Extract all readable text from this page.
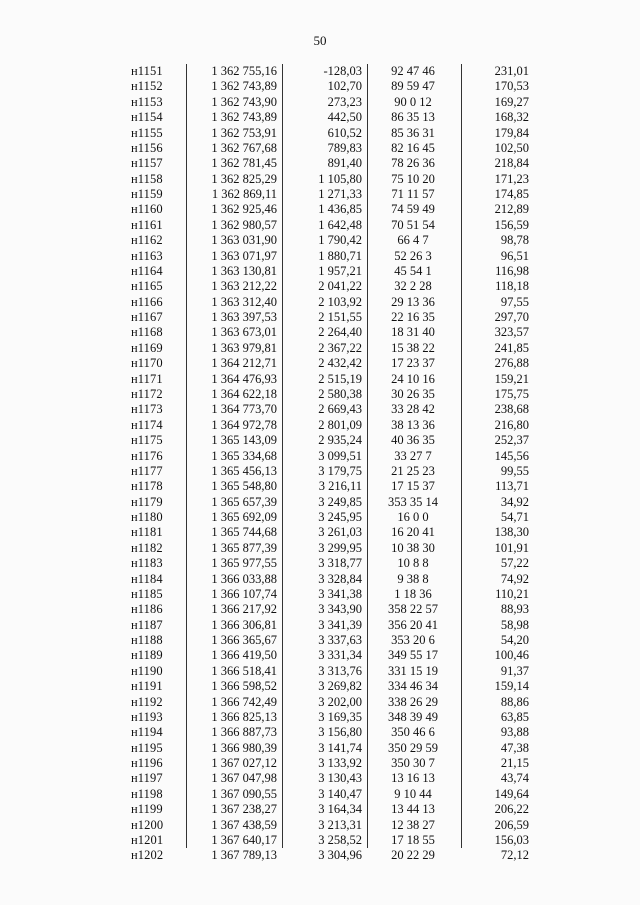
50
н1151	1 362 755,16	-128,03	92 47 46	231,01
н1152	1 362 743,89	102,70	89 59 47	170,53
н1153	1 362 743,90	273,23	90 0 12	169,27
н1154	1 362 743,89	442,50	86 35 13	168,32
н1155	1 362 753,91	610,52	85 36 31	179,84
н1156	1 362 767,68	789,83	82 16 45	102,50
н1157	1 362 781,45	891,40	78 26 36	218,84
н1158	1 362 825,29	1 105,80	75 10 20	171,23
н1159	1 362 869,11	1 271,33	71 11 57	174,85
н1160	1 362 925,46	1 436,85	74 59 49	212,89
н1161	1 362 980,57	1 642,48	70 51 54	156,59
н1162	1 363 031,90	1 790,42	66 4 7	98,78
н1163	1 363 071,97	1 880,71	52 26 3	96,51
н1164	1 363 130,81	1 957,21	45 54 1	116,98
н1165	1 363 212,22	2 041,22	32 2 28	118,18
н1166	1 363 312,40	2 103,92	29 13 36	97,55
н1167	1 363 397,53	2 151,55	22 16 35	297,70
н1168	1 363 673,01	2 264,40	18 31 40	323,57
н1169	1 363 979,81	2 367,22	15 38 22	241,85
н1170	1 364 212,71	2 432,42	17 23 37	276,88
н1171	1 364 476,93	2 515,19	24 10 16	159,21
н1172	1 364 622,18	2 580,38	30 26 35	175,75
н1173	1 364 773,70	2 669,43	33 28 42	238,68
н1174	1 364 972,78	2 801,09	38 13 36	216,80
н1175	1 365 143,09	2 935,24	40 36 35	252,37
н1176	1 365 334,68	3 099,51	33 27 7	145,56
н1177	1 365 456,13	3 179,75	21 25 23	99,55
н1178	1 365 548,80	3 216,11	17 15 37	113,71
н1179	1 365 657,39	3 249,85	353 35 14	34,92
н1180	1 365 692,09	3 245,95	16 0 0	54,71
н1181	1 365 744,68	3 261,03	16 20 41	138,30
н1182	1 365 877,39	3 299,95	10 38 30	101,91
н1183	1 365 977,55	3 318,77	10 8 8	57,22
н1184	1 366 033,88	3 328,84	9 38 8	74,92
н1185	1 366 107,74	3 341,38	1 18 36	110,21
н1186	1 366 217,92	3 343,90	358 22 57	88,93
н1187	1 366 306,81	3 341,39	356 20 41	58,98
н1188	1 366 365,67	3 337,63	353 20 6	54,20
н1189	1 366 419,50	3 331,34	349 55 17	100,46
н1190	1 366 518,41	3 313,76	331 15 19	91,37
н1191	1 366 598,52	3 269,82	334 46 34	159,14
н1192	1 366 742,49	3 202,00	338 26 29	88,86
н1193	1 366 825,13	3 169,35	348 39 49	63,85
н1194	1 366 887,73	3 156,80	350 46 6	93,88
н1195	1 366 980,39	3 141,74	350 29 59	47,38
н1196	1 367 027,12	3 133,92	350 30 7	21,15
н1197	1 367 047,98	3 130,43	13 16 13	43,74
н1198	1 367 090,55	3 140,47	9 10 44	149,64
н1199	1 367 238,27	3 164,34	13 44 13	206,22
н1200	1 367 438,59	3 213,31	12 38 27	206,59
н1201	1 367 640,17	3 258,52	17 18 55	156,03
н1202	1 367 789,13	3 304,96	20 22 29	72,12
